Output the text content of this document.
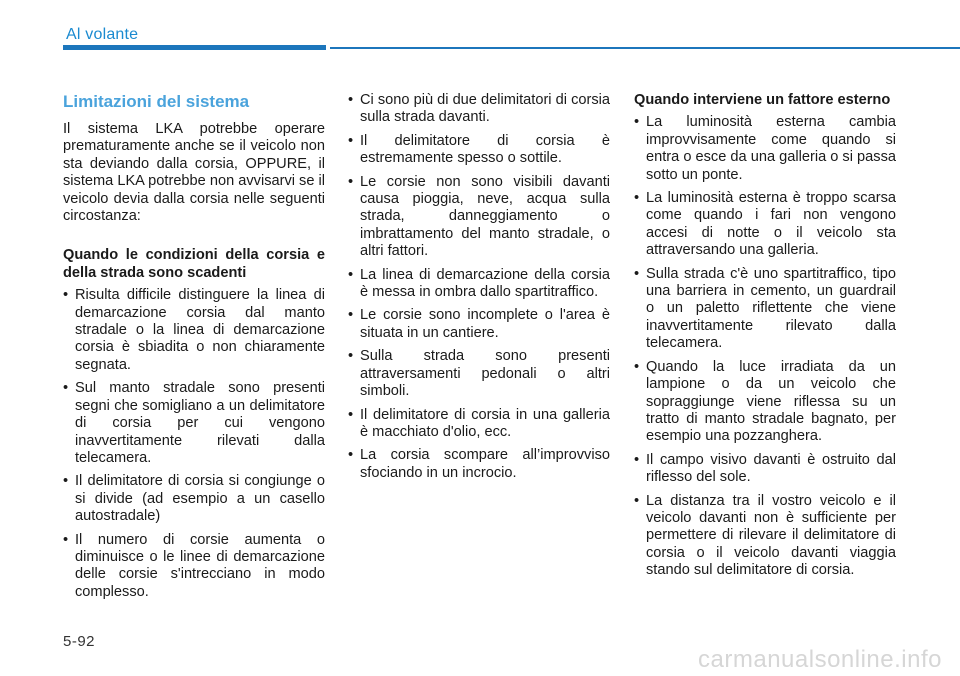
Al volante
Limitazioni del sistema

Il sistema LKA potrebbe operare prematuramente anche se il veicolo non sta deviando dalla corsia, OPPURE, il sistema LKA potrebbe non avvisarvi se il veicolo devia dalla corsia nelle seguenti circostanza:

Quando le condizioni della corsia e della strada sono scadenti

• Risulta difficile distinguere la linea di demarcazione corsia dal manto stradale o la linea di demarcazione corsia è sbiadita o non chiaramente segnata.
• Sul manto stradale sono presenti segni che somigliano a un delimitatore di corsia per cui vengono inavvertitamente rilevati dalla telecamera.
• Il delimitatore di corsia si congiunge o si divide (ad esempio a un casello autostradale)
• Il numero di corsie aumenta o diminuisce o le linee di demarcazione delle corsie s'intrecciano in modo complesso.
• Ci sono più di due delimitatori di corsia sulla strada davanti.
• Il delimitatore di corsia è estremamente spesso o sottile.
• Le corsie non sono visibili davanti causa pioggia, neve, acqua sulla strada, danneggiamento o imbrattamento del manto stradale, o altri fattori.
• La linea di demarcazione della corsia è messa in ombra dallo spartitraffico.
• Le corsie sono incomplete o l'area è situata in un cantiere.
• Sulla strada sono presenti attraversamenti pedonali o altri simboli.
• Il delimitatore di corsia in una galleria è macchiato d'olio, ecc.
• La corsia scompare all’improvviso sfociando in un incrocio.

Quando interviene un fattore esterno

• La luminosità esterna cambia improvvisamente come quando si entra o esce da una galleria o si passa sotto un ponte.
• La luminosità esterna è troppo scarsa come quando i fari non vengono accesi di notte o il veicolo sta attraversando una galleria.
• Sulla strada c'è uno spartitraffico, tipo una barriera in cemento, un guardrail o un paletto riflettente che viene inavvertitamente rilevato dalla telecamera.
• Quando la luce irradiata da un lampione o da un veicolo che sopraggiunge viene riflessa su un tratto di manto stradale bagnato, per esempio una pozzanghera.
• Il campo visivo davanti è ostruito dal riflesso del sole.
• La distanza tra il vostro veicolo e il veicolo davanti non è sufficiente per permettere di rilevare il delimitatore di corsia o il veicolo davanti viaggia stando sul delimitatore di corsia.
5-92
carmanualsonline.info
